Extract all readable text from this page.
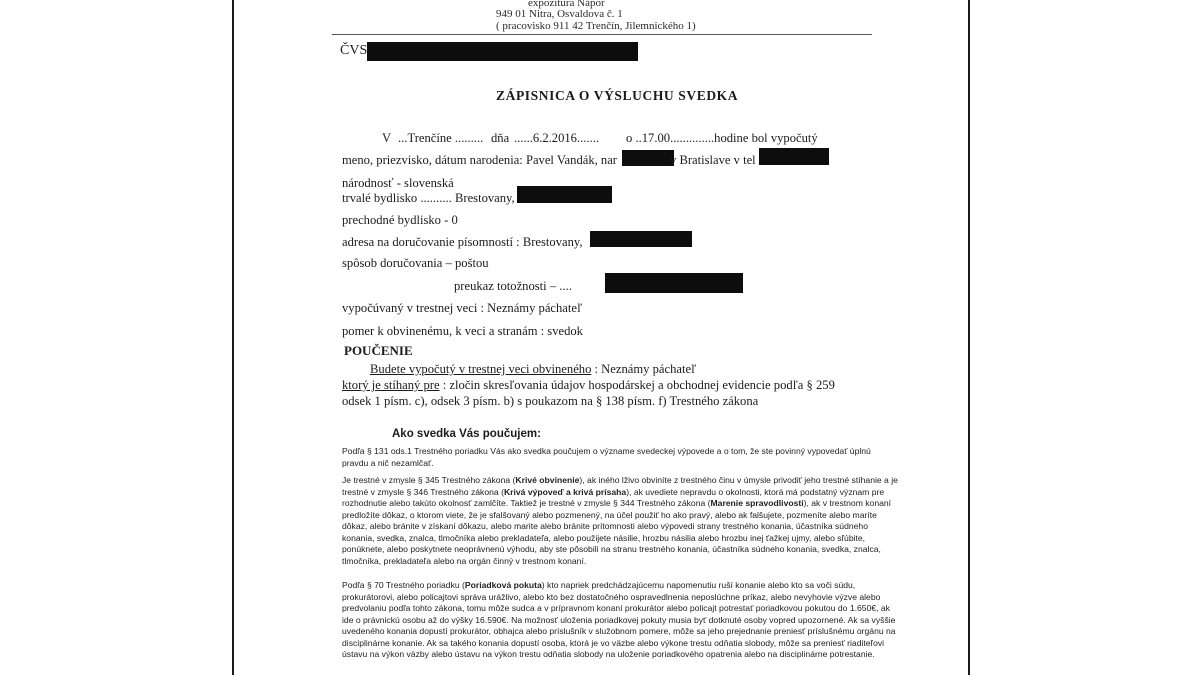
expozitúra Nápor
949 01 Nitra, Osvaldova č. 1
( pracovisko 911 42 Trenčín, Jilemnického 1)
ČVS
ZÁPISNICA O VÝSLUCHU SVEDKA
V ...Trenčíne ......... dňa ......6.2.2016....... o ..17.00..............hodine bol vypočutý
meno, priezvisko, dátum narodenia: Pavel Vandák, nar	v Bratislave v tel
národnosť - slovenská
trvalé bydlisko .......... Brestovany,
prechodné bydlisko - 0
adresa na doručovanie písomností : Brestovany,
spôsob doručovania – poštou
preukaz totožnosti – ....
vypočúvaný v trestnej veci : Neznámy páchateľ
pomer k obvinenému, k veci a stranám : svedok
POUČENIE
Budete vypočutý v trestnej veci obvineného : Neznámy páchateľ
ktorý je stíhaný pre : zločin skresľovania údajov hospodárskej a obchodnej evidencie podľa § 259
odsek 1 písm. c), odsek 3 písm. b) s poukazom na § 138 písm. f) Trestného zákona
Ako svedka Vás poučujem:
Podľa § 131 ods.1 Trestného poriadku Vás ako svedka poučujem o význame svedeckej výpovede a o tom, že ste povinný vypovedať úplnú pravdu a nič nezamlčať.
Je trestné v zmysle § 345 Trestného zákona (Krivé obvinenie), ak iného lživo obviníte z trestného činu v úmysle privodiť jeho trestné stíhanie a je trestné v zmysle § 346 Trestného zákona (Krivá výpoveď a krivá prísaha), ak uvediete nepravdu o okolnosti, ktorá má podstatný význam pre rozhodnutie alebo takúto okolnosť zamlčíte. Taktiež je trestné v zmysle § 344 Trestného zákona (Marenie spravodlivosti), ak v trestnom konaní predložíte dôkaz, o ktorom viete, že je sfalšovaný alebo pozmenený, na účel použiť ho ako pravý, alebo ak falšujete, pozmeníte alebo maríte dôkaz, alebo bránite v získaní dôkazu, alebo marite alebo bránite prítomnosti alebo výpovedi strany trestného konania, účastníka súdneho konania, svedka, znalca, tlmočníka alebo prekladateľa, alebo použijete násilie, hrozbu násilia alebo hrozbu inej ťažkej ujmy, alebo sľúbite, ponúknete, alebo poskytnete neoprávnenú výhodu, aby ste pôsobili na stranu trestného konania, účastníka súdneho konania, svedka, znalca, tlmočníka, prekladateľa alebo na orgán činný v trestnom konaní.
Podľa § 70 Trestného poriadku (Poriadková pokuta) kto napriek predchádzajúcemu napomenutiu ruší konanie alebo kto sa voči súdu, prokurátorovi, alebo policajtovi správa urážlivo, alebo kto bez dostatočného ospravedlnenia neposlúchne príkaz, alebo nevyhovie výzve alebo predvolaniu podľa tohto zákona, tomu môže sudca a v prípravnom konaní prokurátor alebo policajt potrestať poriadkovou pokutou do 1.650€, ak ide o právnickú osobu až do výšky 16.590€. Na možnosť uloženia poriadkovej pokuty musia byť dotknuté osoby vopred upozornené. Ak sa vyššie uvedeného konania dopustí prokurátor, obhajca alebo príslušník v služobnom pomere, môže sa jeho prejednanie preniesť príslušnému orgánu na disciplinárne konanie. Ak sa takého konania dopustí osoba, ktorá je vo väzbe alebo výkone trestu odňatia slobody, môže sa preniesť riaditeľovi ústavu na výkon väzby alebo ústavu na výkon trestu odňatia slobody na uloženie poriadkového opatrenia alebo na disciplinárne potrestanie.
